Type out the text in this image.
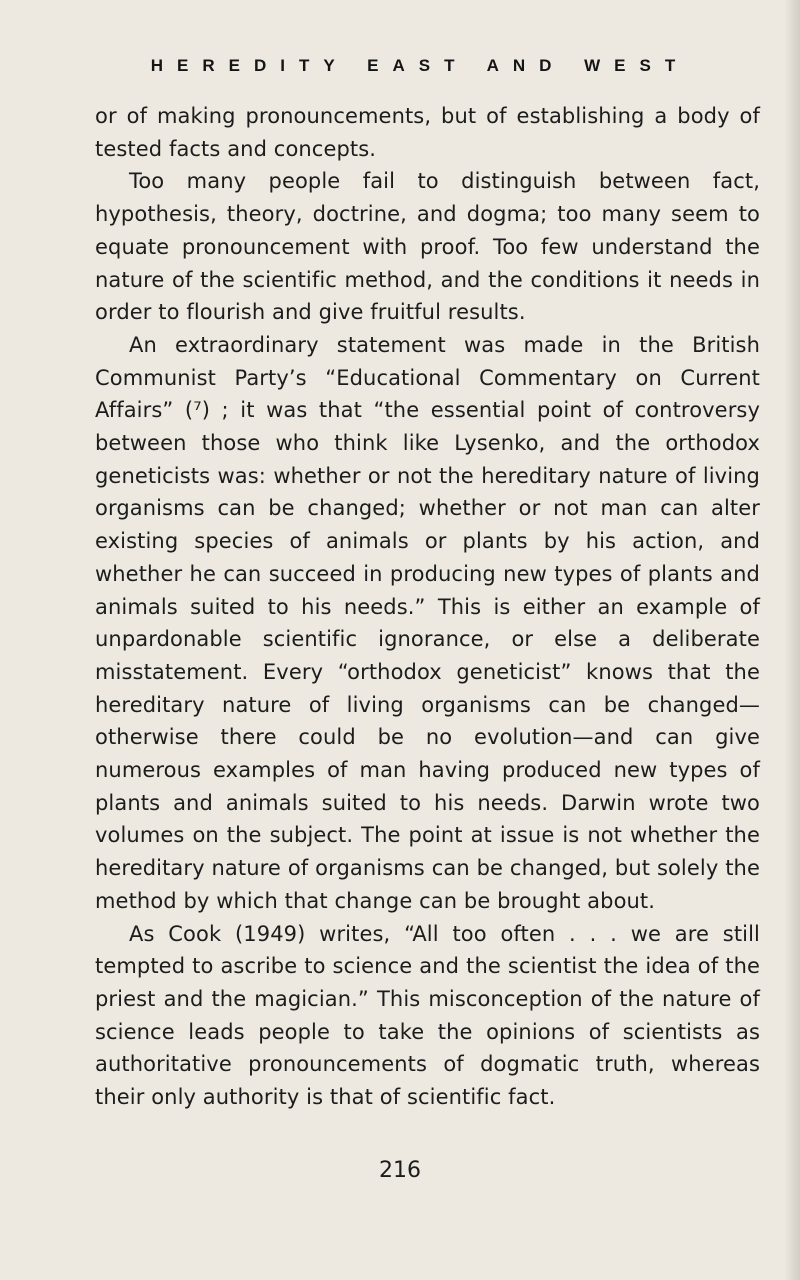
HEREDITY EAST AND WEST

or of making pronouncements, but of establishing a body of tested facts and concepts.

Too many people fail to distinguish between fact, hypothesis, theory, doctrine, and dogma; too many seem to equate pronouncement with proof. Too few understand the nature of the scientific method, and the conditions it needs in order to flourish and give fruitful results.

An extraordinary statement was made in the British Communist Party’s “Educational Commentary on Current Affairs” (⁷) ; it was that “the essential point of controversy between those who think like Lysenko, and the orthodox geneticists was: whether or not the hereditary nature of living organisms can be changed; whether or not man can alter existing species of animals or plants by his action, and whether he can succeed in producing new types of plants and animals suited to his needs.” This is either an example of unpardonable scientific ignorance, or else a deliberate misstatement. Every “orthodox geneticist” knows that the hereditary nature of living organisms can be changed—otherwise there could be no evolution—and can give numerous examples of man having produced new types of plants and animals suited to his needs. Darwin wrote two volumes on the subject. The point at issue is not whether the hereditary nature of organisms can be changed, but solely the method by which that change can be brought about.

As Cook (1949) writes, “All too often . . . we are still tempted to ascribe to science and the scientist the idea of the priest and the magician.” This misconception of the nature of science leads people to take the opinions of scientists as authoritative pronouncements of dogmatic truth, whereas their only authority is that of scientific fact.

216
